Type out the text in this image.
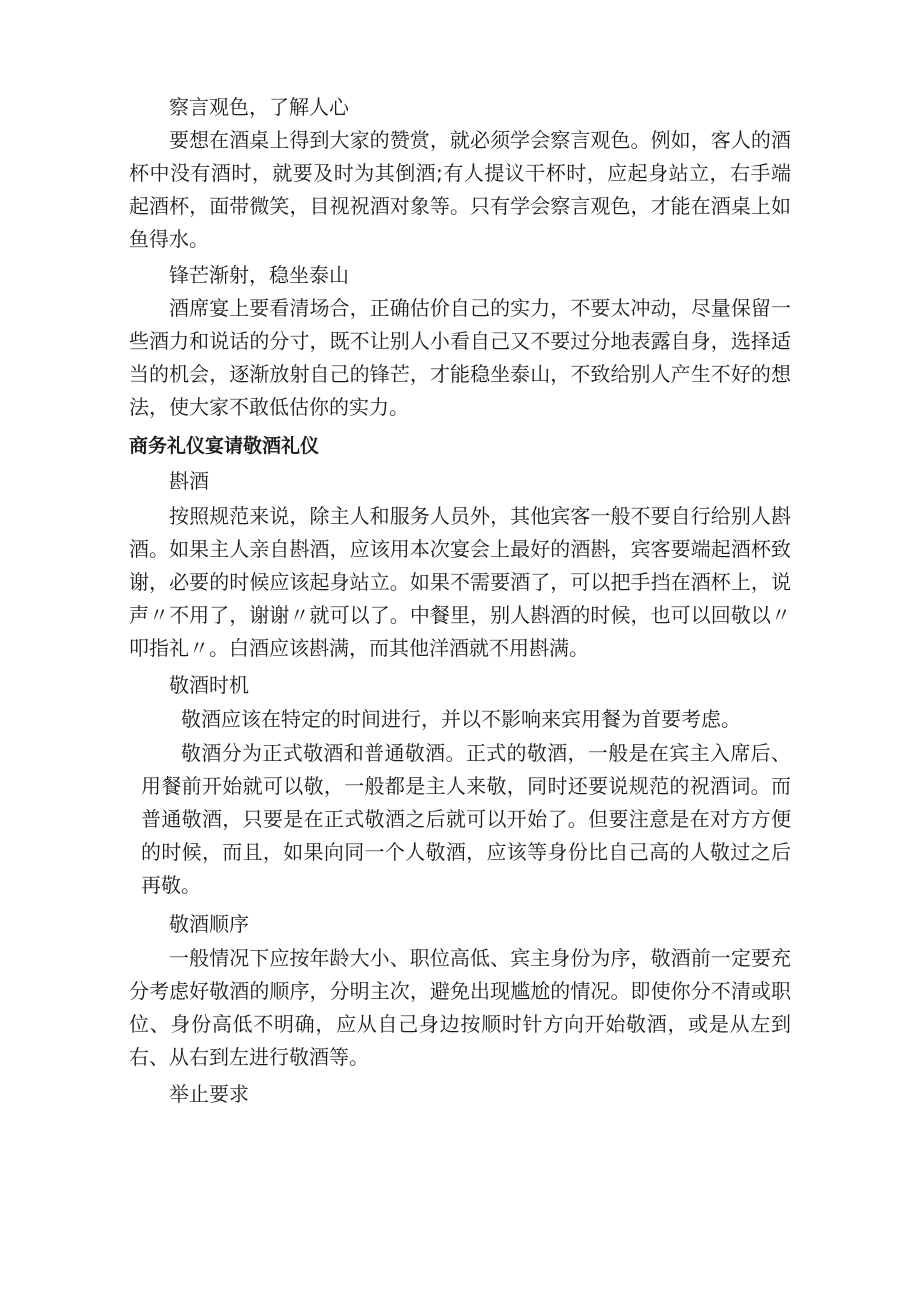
察言观色，了解人心

要想在酒桌上得到大家的赞赏，就必须学会察言观色。例如，客人的酒杯中没有酒时，就要及时为其倒酒;有人提议干杯时，应起身站立，右手端起酒杯，面带微笑，目视祝酒对象等。只有学会察言观色，才能在酒桌上如鱼得水。

锋芒渐射，稳坐泰山

酒席宴上要看清场合，正确估价自己的实力，不要太冲动，尽量保留一些酒力和说话的分寸，既不让别人小看自己又不要过分地表露自身，选择适当的机会，逐渐放射自己的锋芒，才能稳坐泰山，不致给别人产生不好的想法，使大家不敢低估你的实力。

商务礼仪宴请敬酒礼仪

斟酒

按照规范来说，除主人和服务人员外，其他宾客一般不要自行给别人斟酒。如果主人亲自斟酒，应该用本次宴会上最好的酒斟，宾客要端起酒杯致谢，必要的时候应该起身站立。如果不需要酒了，可以把手挡在酒杯上，说声〃不用了，谢谢〃就可以了。中餐里，别人斟酒的时候，也可以回敬以〃叩指礼〃。白酒应该斟满，而其他洋酒就不用斟满。

敬酒时机

敬酒应该在特定的时间进行，并以不影响来宾用餐为首要考虑。

敬酒分为正式敬酒和普通敬酒。正式的敬酒，一般是在宾主入席后、用餐前开始就可以敬，一般都是主人来敬，同时还要说规范的祝酒词。而普通敬酒，只要是在正式敬酒之后就可以开始了。但要注意是在对方方便的时候，而且，如果向同一个人敬酒，应该等身份比自己高的人敬过之后再敬。

敬酒顺序

一般情况下应按年龄大小、职位高低、宾主身份为序，敬酒前一定要充分考虑好敬酒的顺序，分明主次，避免出现尴尬的情况。即使你分不清或职位、身份高低不明确，应从自己身边按顺时针方向开始敬酒，或是从左到右、从右到左进行敬酒等。

举止要求
